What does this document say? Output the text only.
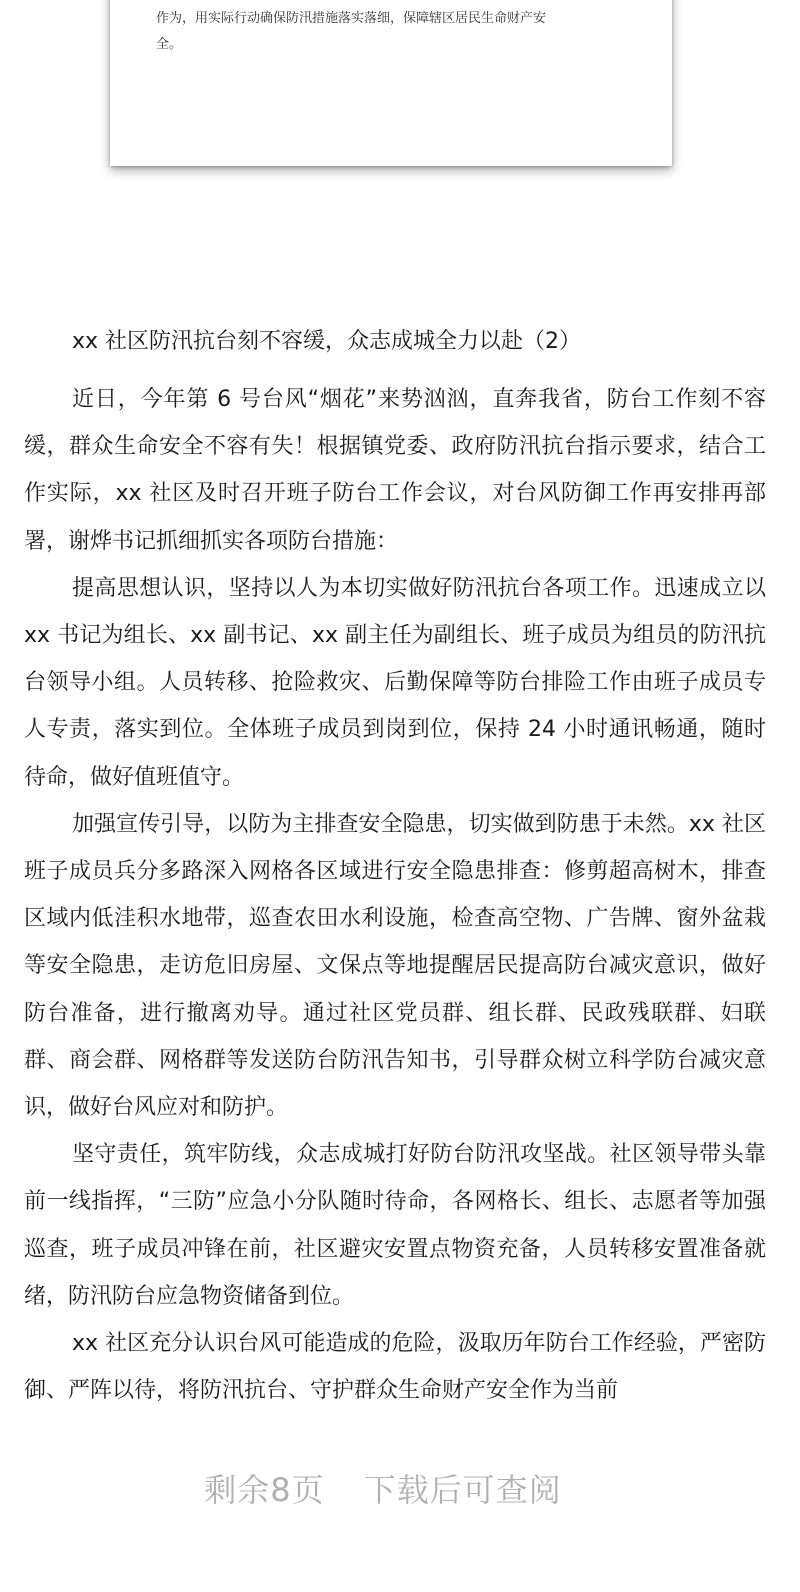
作为，用实际行动确保防汛措施落实落细，保障辖区居民生命财产安

全。

xx 社区防汛抗台刻不容缓，众志成城全力以赴（2）

近日，今年第 6 号台风“烟花”来势汹汹，直奔我省，防台工作刻不容缓，群众生命安全不容有失！根据镇党委、政府防汛抗台指示要求，结合工作实际，xx 社区及时召开班子防台工作会议，对台风防御工作再安排再部署，谢烨书记抓细抓实各项防台措施：

提高思想认识，坚持以人为本切实做好防汛抗台各项工作。迅速成立以 xx 书记为组长、xx 副书记、xx 副主任为副组长、班子成员为组员的防汛抗台领导小组。人员转移、抢险救灾、后勤保障等防台排险工作由班子成员专人专责，落实到位。全体班子成员到岗到位，保持 24 小时通讯畅通，随时待命，做好值班值守。

加强宣传引导，以防为主排查安全隐患，切实做到防患于未然。xx 社区班子成员兵分多路深入网格各区域进行安全隐患排查：修剪超高树木，排查区域内低洼积水地带，巡查农田水利设施，检查高空物、广告牌、窗外盆栽等安全隐患，走访危旧房屋、文保点等地提醒居民提高防台减灾意识，做好防台准备，进行撤离劝导。通过社区党员群、组长群、民政残联群、妇联群、商会群、网格群等发送防台防汛告知书，引导群众树立科学防台减灾意识，做好台风应对和防护。

坚守责任，筑牢防线，众志成城打好防台防汛攻坚战。社区领导带头靠前一线指挥，“三防”应急小分队随时待命，各网格长、组长、志愿者等加强巡查，班子成员冲锋在前，社区避灾安置点物资充备，人员转移安置准备就绪，防汛防台应急物资储备到位。

xx 社区充分认识台风可能造成的危险，汲取历年防台工作经验，严密防御、严阵以待，将防汛抗台、守护群众生命财产安全作为当前

剩余8页 下载后可查阅
